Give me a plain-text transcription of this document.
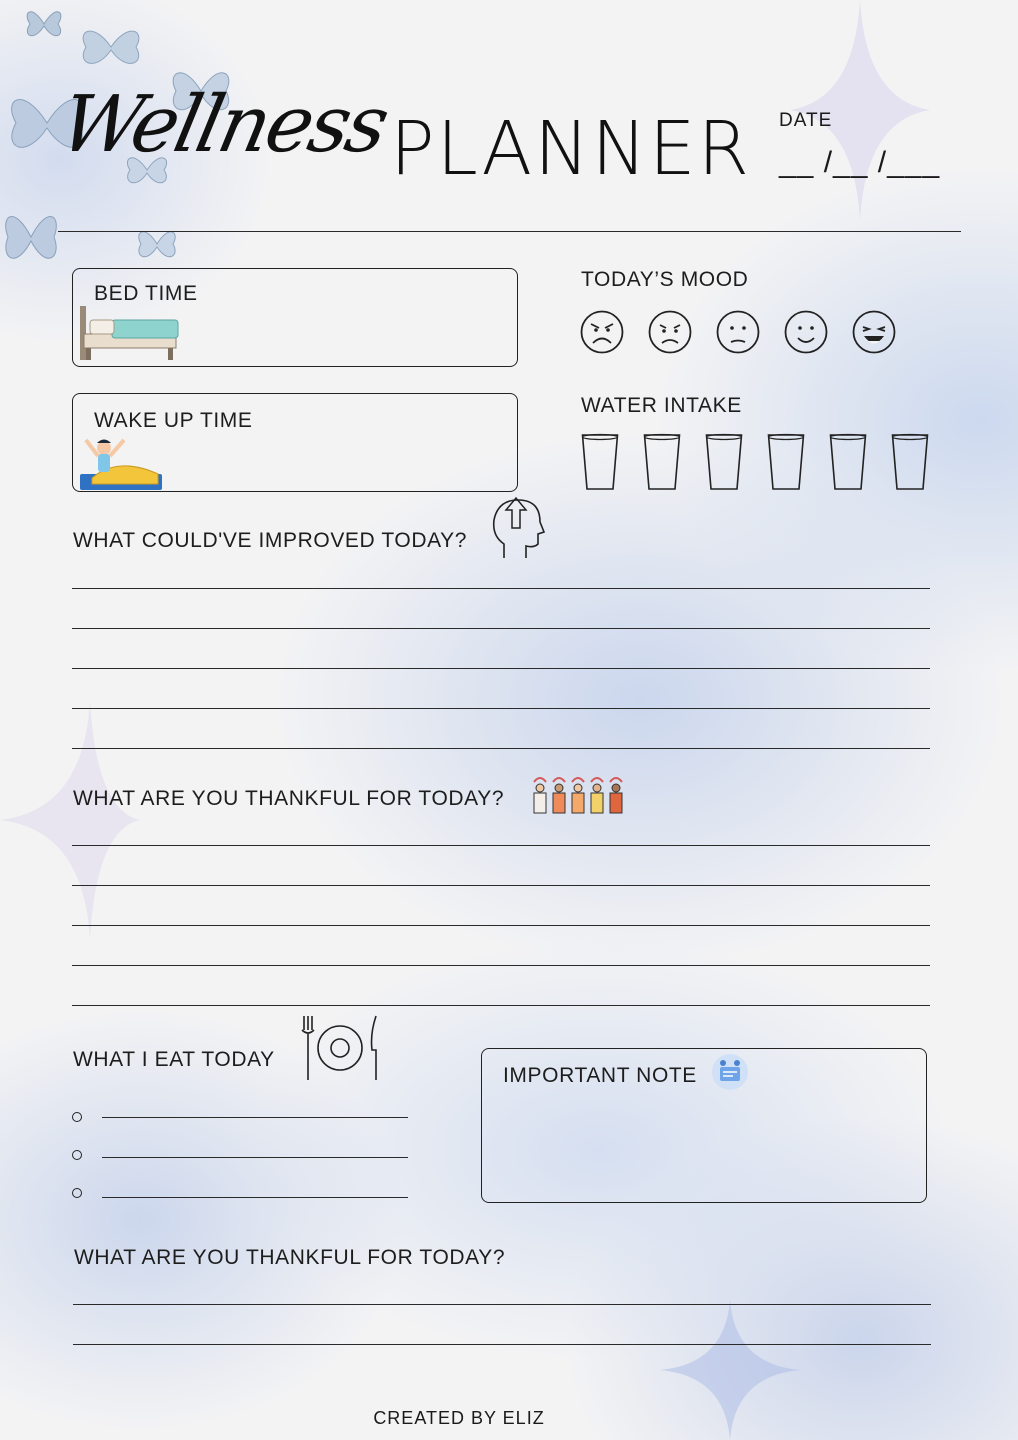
Wellness
PLANNER DATE
__ /__ /___
BED TIME
WAKE UP TIME
TODAY’S MOOD
WATER INTAKE
WHAT COULD'VE IMPROVED TODAY?
WHAT ARE YOU THANKFUL FOR TODAY?
WHAT I EAT TODAY
IMPORTANT NOTE
WHAT ARE YOU THANKFUL FOR TODAY?
CREATED BY ELIZ
